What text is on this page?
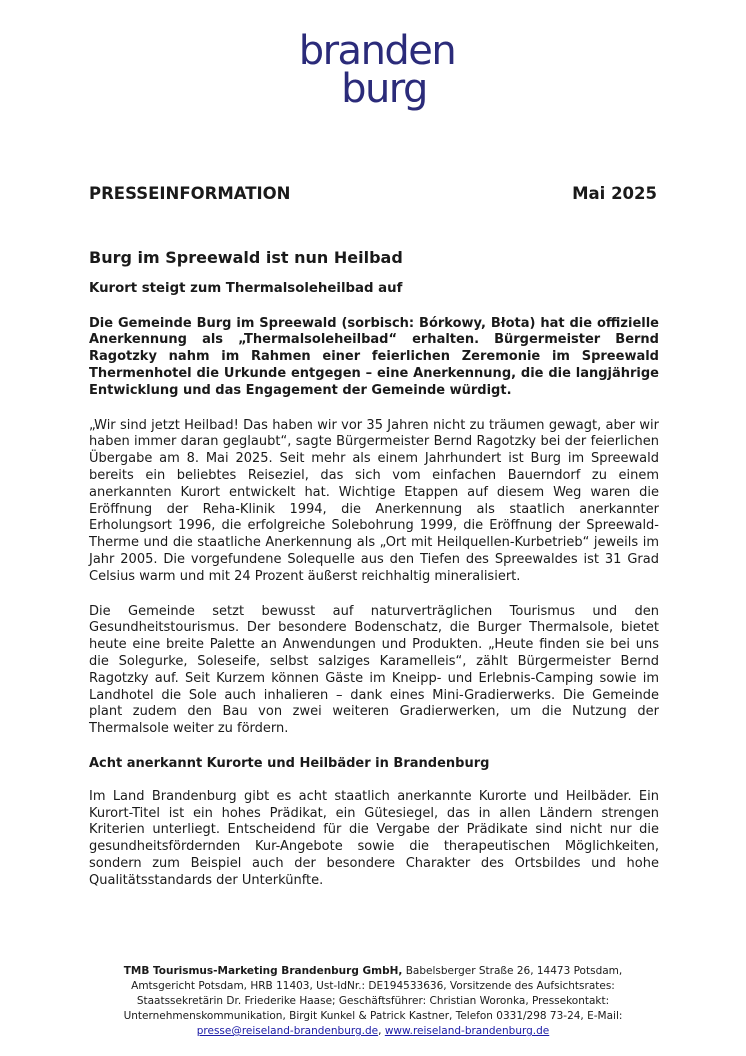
branden
burg
PRESSEINFORMATION	Mai 2025

Burg im Spreewald ist nun Heilbad

Kurort steigt zum Thermalsoleheilbad auf

Die Gemeinde Burg im Spreewald (sorbisch: Bórkowy, Błota) hat die offizielle Anerkennung als „Thermalsoleheilbad“ erhalten. Bürgermeister Bernd Ragotzky nahm im Rahmen einer feierlichen Zeremonie im Spreewald Thermenhotel die Urkunde entgegen – eine Anerkennung, die die langjährige Entwicklung und das Engagement der Gemeinde würdigt.

„Wir sind jetzt Heilbad! Das haben wir vor 35 Jahren nicht zu träumen gewagt, aber wir haben immer daran geglaubt“, sagte Bürgermeister Bernd Ragotzky bei der feierlichen Übergabe am 8. Mai 2025. Seit mehr als einem Jahrhundert ist Burg im Spreewald bereits ein beliebtes Reiseziel, das sich vom einfachen Bauerndorf zu einem anerkannten Kurort entwickelt hat. Wichtige Etappen auf diesem Weg waren die Eröffnung der Reha-Klinik 1994, die Anerkennung als staatlich anerkannter Erholungsort 1996, die erfolgreiche Solebohrung 1999, die Eröffnung der Spreewald-Therme und die staatliche Anerkennung als „Ort mit Heilquellen-Kurbetrieb“ jeweils im Jahr 2005. Die vorgefundene Solequelle aus den Tiefen des Spreewaldes ist 31 Grad Celsius warm und mit 24 Prozent äußerst reichhaltig mineralisiert.

Die Gemeinde setzt bewusst auf naturverträglichen Tourismus und den Gesundheitstourismus. Der besondere Bodenschatz, die Burger Thermalsole, bietet heute eine breite Palette an Anwendungen und Produkten. „Heute finden sie bei uns die Solegurke, Soleseife, selbst salziges Karamelleis“, zählt Bürgermeister Bernd Ragotzky auf. Seit Kurzem können Gäste im Kneipp- und Erlebnis-Camping sowie im Landhotel die Sole auch inhalieren – dank eines Mini-Gradierwerks. Die Gemeinde plant zudem den Bau von zwei weiteren Gradierwerken, um die Nutzung der Thermalsole weiter zu fördern.

Acht anerkannt Kurorte und Heilbäder in Brandenburg

Im Land Brandenburg gibt es acht staatlich anerkannte Kurorte und Heilbäder. Ein Kurort-Titel ist ein hohes Prädikat, ein Gütesiegel, das in allen Ländern strengen Kriterien unterliegt. Entscheidend für die Vergabe der Prädikate sind nicht nur die gesundheitsfördernden Kur-Angebote sowie die therapeutischen Möglichkeiten, sondern zum Beispiel auch der besondere Charakter des Ortsbildes und hohe Qualitätsstandards der Unterkünfte.

TMB Tourismus-Marketing Brandenburg GmbH, Babelsberger Straße 26, 14473 Potsdam, Amtsgericht Potsdam, HRB 11403, Ust-IdNr.: DE194533636, Vorsitzende des Aufsichtsrates: Staatssekretärin Dr. Friederike Haase; Geschäftsführer: Christian Woronka, Pressekontakt: Unternehmenskommunikation, Birgit Kunkel & Patrick Kastner, Telefon 0331/298 73-24, E-Mail: presse@reiseland-brandenburg.de, www.reiseland-brandenburg.de
